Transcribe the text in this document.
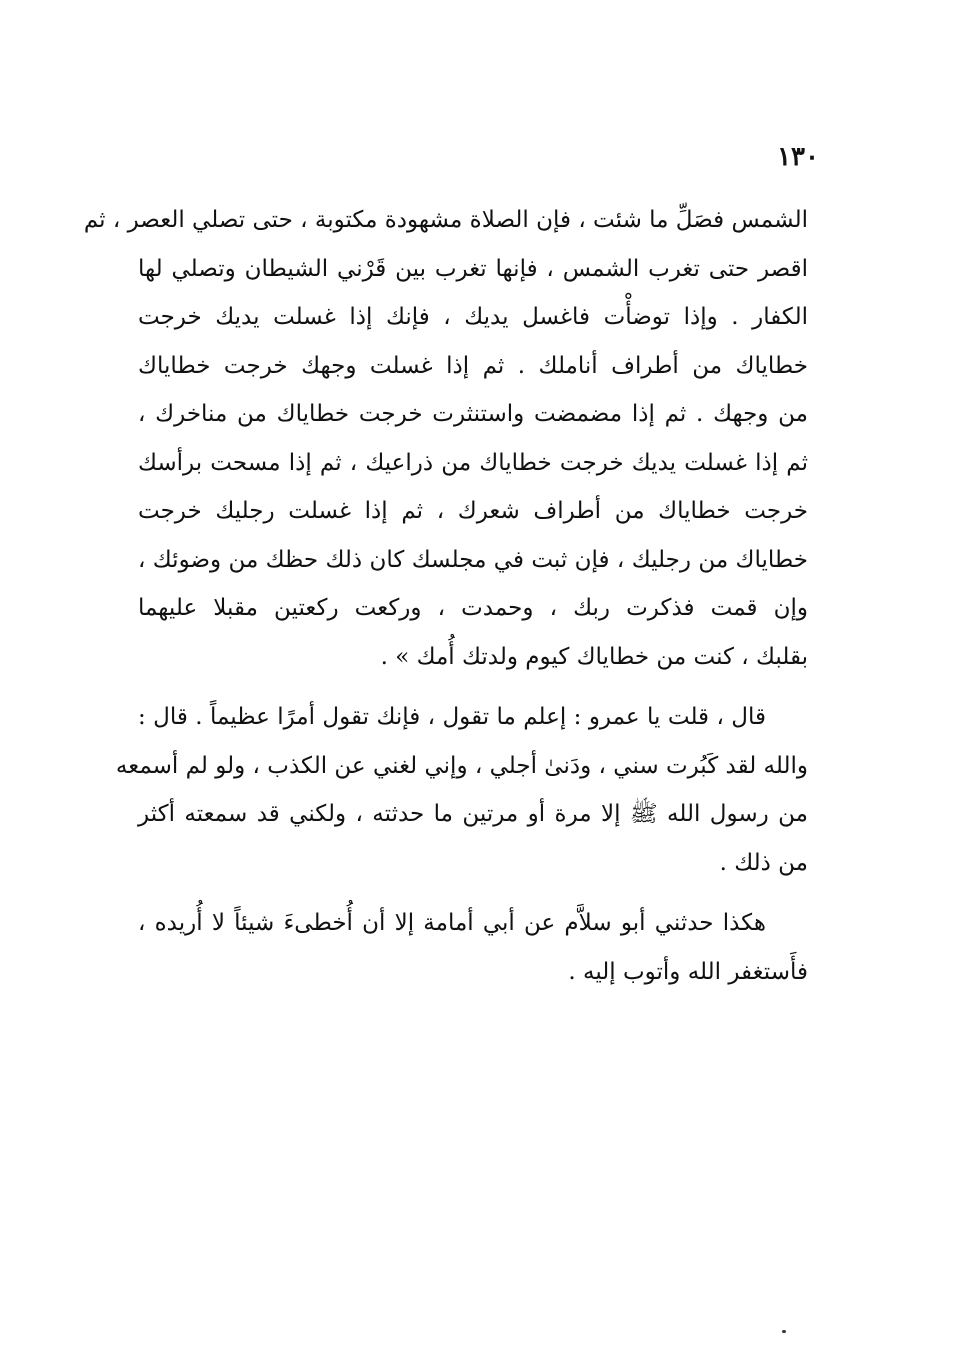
١٣٠
الشمس فصَلِّ ما شئت ، فإن الصلاة مشهودة مكتوبة ، حتى تصلي العصر ، ثم
اقصر حتى تغرب الشمس ، فإنها تغرب بين قَرْني الشيطان وتصلي لها
الكفار . وإذا توضأْت فاغسل يديك ، فإنك إذا غسلت يديك خرجت
خطاياك من أطراف أناملك . ثم إذا غسلت وجهك خرجت خطاياك
من وجهك . ثم إذا مضمضت واستنثرت خرجت خطاياك من مناخرك ،
ثم إذا غسلت يديك خرجت خطاياك من ذراعيك ، ثم إذا مسحت برأسك
خرجت خطاياك من أطراف شعرك ، ثم إذا غسلت رجليك خرجت
خطاياك من رجليك ، فإن ثبت في مجلسك كان ذلك حظك من وضوئك ،
وإن قمت فذكرت ربك ، وحمدت ، وركعت ركعتين مقبلا عليهما
بقلبك ، كنت من خطاياك كيوم ولدتك أُمك » .
قال ، قلت يا عمرو : إعلم ما تقول ، فإنك تقول أمرًا عظيماً . قال :
والله لقد كَبُرت سني ، ودَنىٰ أجلي ، وإني لغني عن الكذب ، ولو لم أسمعه
من رسول الله ﷺ إلا مرة أو مرتين ما حدثته ، ولكني قد سمعته أكثر
من ذلك .
هكذا حدثني أبو سلاَّم عن أبي أمامة إلا أن أُخطىءَ شيئاً لا أُريده ،
فأَستغفر الله وأتوب إليه .
